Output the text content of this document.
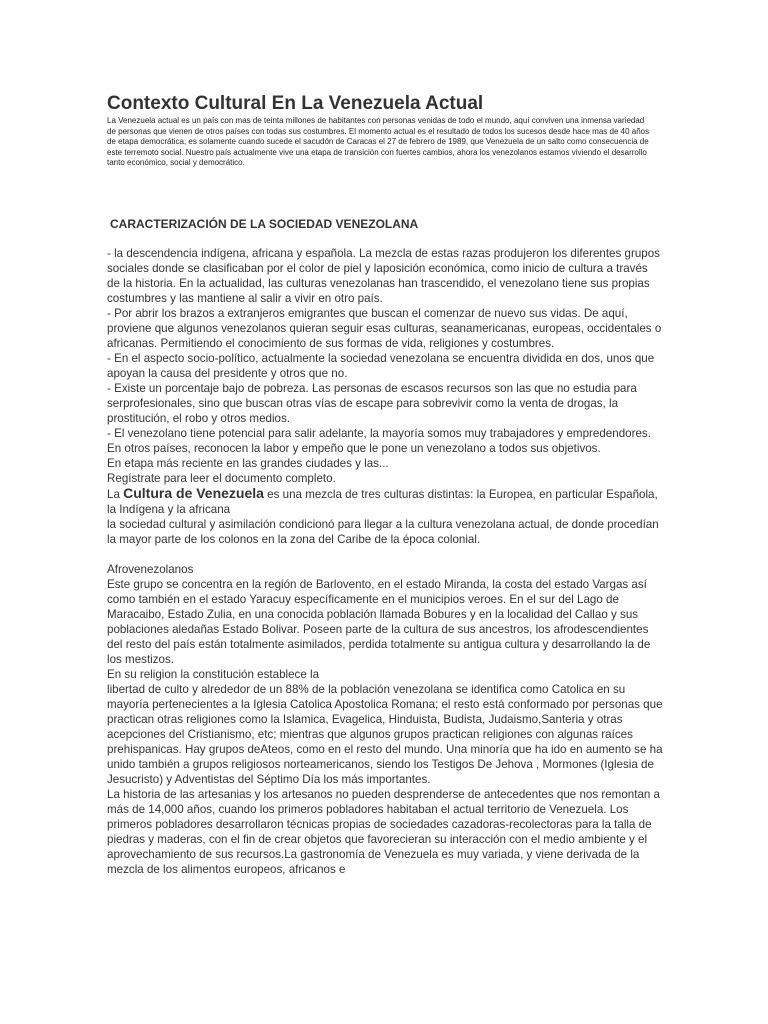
Contexto Cultural En La Venezuela Actual

La Venezuela actual es un país con mas de teinta millones de habitantes con personas venidas de todo el mundo, aquí conviven una inmensa variedad de personas que vienen de otros países con todas sus costumbres. El momento actual es el resultado de todos los sucesos desde hace mas de 40 años de etapa democrática, es solamente cuando sucede el sacudón de Caracas el 27 de febrero de 1989, que Venezuela de un salto como consecuencia de este terremoto social. Nuestro país actualmente vive una etapa de transición con fuertes cambios, ahora los venezolanos estamos viviendo el desarrollo tanto económico, social y democrático.

CARACTERIZACIÓN DE LA SOCIEDAD VENEZOLANA

- la descendencia indígena, africana y española. La mezcla de estas razas produjeron los diferentes grupos sociales donde se clasificaban por el color de piel y laposición económica, como inicio de cultura a través de la historia. En la actualidad, las culturas venezolanas han trascendido, el venezolano tiene sus propias costumbres y las mantiene al salir a vivir en otro país.

- Por abrir los brazos a extranjeros emigrantes que buscan el comenzar de nuevo sus vidas. De aquí, proviene que algunos venezolanos quieran seguir esas culturas, seanamericanas, europeas, occidentales o africanas. Permitiendo el conocimiento de sus formas de vida, religiones y costumbres.

- En el aspecto socio-político, actualmente la sociedad venezolana se encuentra dividida en dos, unos que apoyan la causa del presidente y otros que no.

- Existe un porcentaje bajo de pobreza. Las personas de escasos recursos son las que no estudia para serprofesionales, sino que buscan otras vías de escape para sobrevivir como la venta de drogas, la prostitución, el robo y otros medios.

- El venezolano tiene potencial para salir adelante, la mayoría somos muy trabajadores y empredendores. En otros países, reconocen la labor y empeño que le pone un venezolano a todos sus objetivos.

En etapa más reciente en las grandes ciudades y las...

Regístrate para leer el documento completo.

La Cultura de Venezuela es una mezcla de tres culturas distintas: la Europea, en particular Española, la Indígena y la africana

la sociedad cultural y asimilación condicionó para llegar a la cultura venezolana actual, de donde procedían la mayor parte de los colonos en la zona del Caribe de la época colonial.

Afrovenezolanos

Este grupo se concentra en la región de Barlovento, en el estado Miranda, la costa del estado Vargas así como también en el estado Yaracuy específicamente en el municipios veroes. En el sur del Lago de Maracaibo, Estado Zulia, en una conocida población llamada Bobures y en la localidad del Callao y sus poblaciones aledañas Estado Bolivar. Poseen parte de la cultura de sus ancestros, los afrodescendientes del resto del país están totalmente asimilados, perdida totalmente su antigua cultura y desarrollando la de los mestizos.

En su religion la constitución establece la

libertad de culto y alrededor de un 88% de la población venezolana se identifica como Catolica en su mayoría pertenecientes a la Iglesia Catolica Apostolica Romana; el resto está conformado por personas que practican otras religiones como la Islamica, Evagelica, Hinduista, Budista, Judaismo,Santeria y otras acepciones del Cristianismo, etc; mientras que algunos grupos practican religiones con algunas raíces prehispanicas. Hay grupos deAteos, como en el resto del mundo. Una minoría que ha ido en aumento se ha unido también a grupos religiosos norteamericanos, siendo los Testigos De Jehova , Mormones (Iglesia de Jesucristo) y Adventistas del Séptimo Día los más importantes.

La historia de las artesanias y los artesanos no pueden desprenderse de antecedentes que nos remontan a más de 14,000 años, cuando los primeros pobladores habitaban el actual territorio de Venezuela. Los primeros pobladores desarrollaron técnicas propias de sociedades cazadoras-recolectoras para la talla de piedras y maderas, con el fin de crear objetos que favorecieran su interacción con el medio ambiente y el aprovechamiento de sus recursos.La gastronomía de Venezuela es muy variada, y viene derivada de la mezcla de los alimentos europeos, africanos e
